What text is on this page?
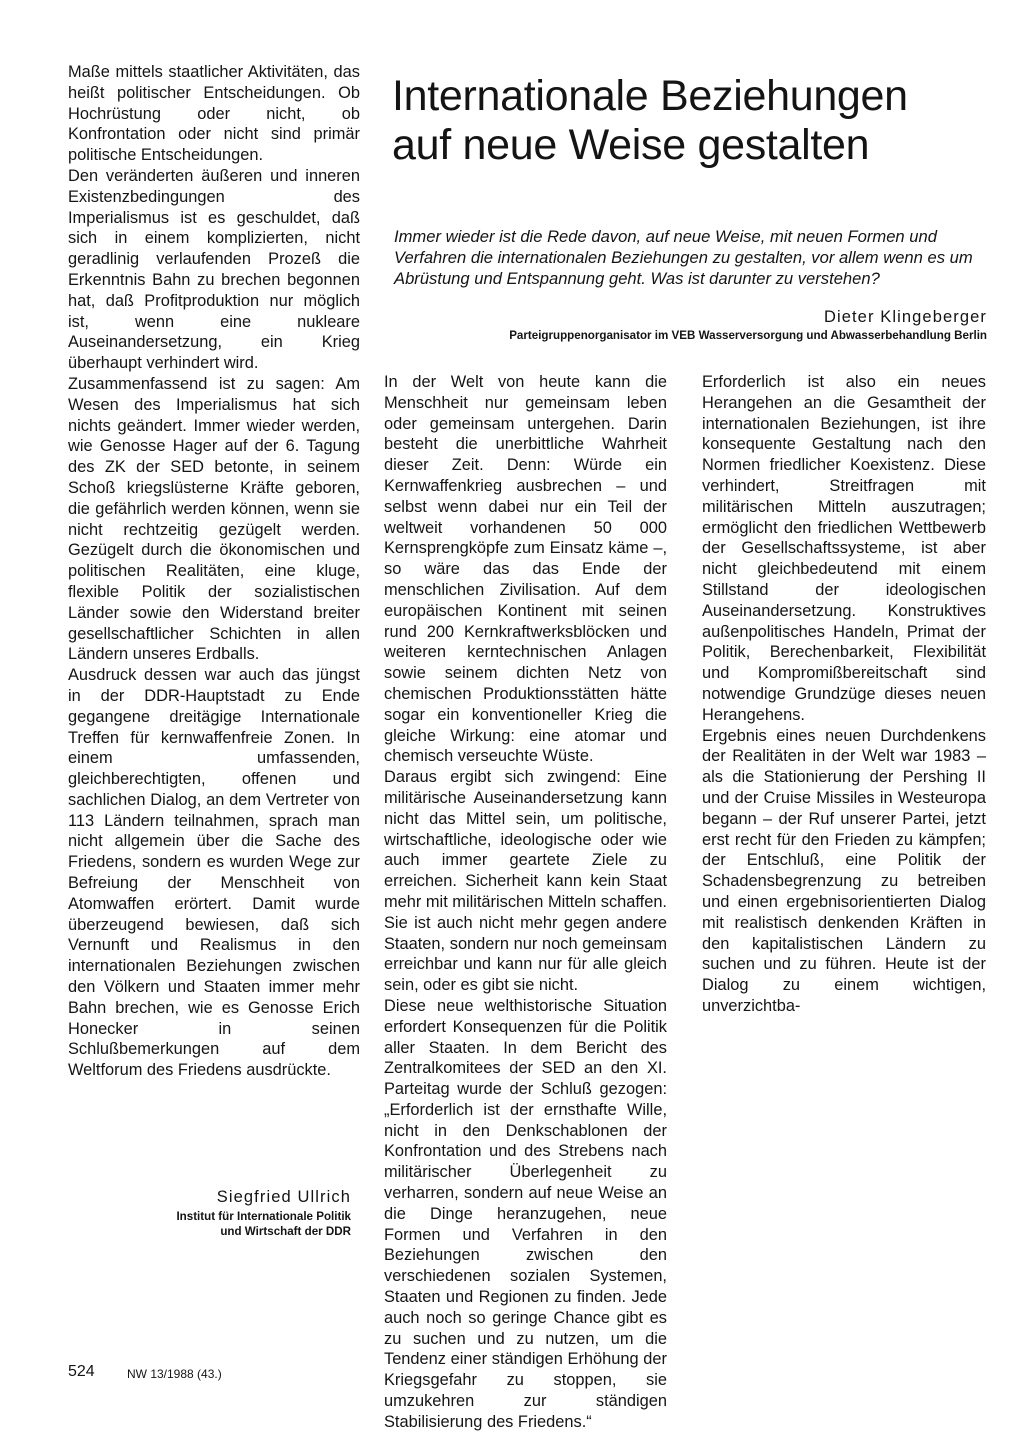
Maße mittels staatlicher Aktivitäten, das heißt politischer Entscheidungen. Ob Hochrüstung oder nicht, ob Konfrontation oder nicht sind primär politische Entscheidungen.

Den veränderten äußeren und inneren Existenzbedingungen des Imperialismus ist es geschuldet, daß sich in einem komplizierten, nicht geradlinig verlaufenden Prozeß die Erkenntnis Bahn zu brechen begonnen hat, daß Profitproduktion nur möglich ist, wenn eine nukleare Auseinandersetzung, ein Krieg überhaupt verhindert wird.

Zusammenfassend ist zu sagen: Am Wesen des Imperialismus hat sich nichts geändert. Immer wieder werden, wie Genosse Hager auf der 6. Tagung des ZK der SED betonte, in seinem Schoß kriegslüsterne Kräfte geboren, die gefährlich werden können, wenn sie nicht rechtzeitig gezügelt werden. Gezügelt durch die ökonomischen und politischen Realitäten, eine kluge, flexible Politik der sozialistischen Länder sowie den Widerstand breiter gesellschaftlicher Schichten in allen Ländern unseres Erdballs.

Ausdruck dessen war auch das jüngst in der DDR-Hauptstadt zu Ende gegangene dreitägige Internationale Treffen für kernwaffenfreie Zonen. In einem umfassenden, gleichberechtigten, offenen und sachlichen Dialog, an dem Vertreter von 113 Ländern teilnahmen, sprach man nicht allgemein über die Sache des Friedens, sondern es wurden Wege zur Befreiung der Menschheit von Atomwaffen erörtert. Damit wurde überzeugend bewiesen, daß sich Vernunft und Realismus in den internationalen Beziehungen zwischen den Völkern und Staaten immer mehr Bahn brechen, wie es Genosse Erich Honecker in seinen Schlußbemerkungen auf dem Weltforum des Friedens ausdrückte.

Siegfried Ullrich

Institut für Internationale Politik
und Wirtschaft der DDR

Internationale Beziehungen
auf neue Weise gestalten

Immer wieder ist die Rede davon, auf neue Weise, mit neuen Formen und Verfahren die internationalen Beziehungen zu gestalten, vor allem wenn es um Abrüstung und Entspannung geht. Was ist darunter zu verstehen?

Dieter Klingeberger

Parteigruppenorganisator im VEB Wasserversorgung und Abwasserbehandlung Berlin

In der Welt von heute kann die Menschheit nur gemeinsam leben oder gemeinsam untergehen. Darin besteht die unerbittliche Wahrheit dieser Zeit. Denn: Würde ein Kernwaffenkrieg ausbrechen – und selbst wenn dabei nur ein Teil der weltweit vorhandenen 50 000 Kernsprengköpfe zum Einsatz käme –, so wäre das das Ende der menschlichen Zivilisation. Auf dem europäischen Kontinent mit seinen rund 200 Kernkraftwerksblöcken und weiteren kerntechnischen Anlagen sowie seinem dichten Netz von chemischen Produktionsstätten hätte sogar ein konventioneller Krieg die gleiche Wirkung: eine atomar und chemisch verseuchte Wüste.

Daraus ergibt sich zwingend: Eine militärische Auseinandersetzung kann nicht das Mittel sein, um politische, wirtschaftliche, ideologische oder wie auch immer geartete Ziele zu erreichen. Sicherheit kann kein Staat mehr mit militärischen Mitteln schaffen. Sie ist auch nicht mehr gegen andere Staaten, sondern nur noch gemeinsam erreichbar und kann nur für alle gleich sein, oder es gibt sie nicht.

Diese neue welthistorische Situation erfordert Konsequenzen für die Politik aller Staaten. In dem Bericht des Zentralkomitees der SED an den XI. Parteitag wurde der Schluß gezogen: „Erforderlich ist der ernsthafte Wille, nicht in den Denkschablonen der Konfrontation und des Strebens nach militärischer Überlegenheit zu verharren, sondern auf neue Weise an die Dinge heranzugehen, neue Formen und Verfahren in den Beziehungen zwischen den verschiedenen sozialen Systemen, Staaten und Regionen zu finden. Jede auch noch so geringe Chance gibt es zu suchen und zu nutzen, um die Tendenz einer ständigen Erhöhung der Kriegsgefahr zu stoppen, sie umzukehren zur ständigen Stabilisierung des Friedens.“

Erforderlich ist also ein neues Herangehen an die Gesamtheit der internationalen Beziehungen, ist ihre konsequente Gestaltung nach den Normen friedlicher Koexistenz. Diese verhindert, Streitfragen mit militärischen Mitteln auszutragen; ermöglicht den friedlichen Wettbewerb der Gesellschaftssysteme, ist aber nicht gleichbedeutend mit einem Stillstand der ideologischen Auseinandersetzung. Konstruktives außenpolitisches Handeln, Primat der Politik, Berechenbarkeit, Flexibilität und Kompromißbereitschaft sind notwendige Grundzüge dieses neuen Herangehens.

Ergebnis eines neuen Durchdenkens der Realitäten in der Welt war 1983 – als die Stationierung der Pershing II und der Cruise Missiles in Westeuropa begann – der Ruf unserer Partei, jetzt erst recht für den Frieden zu kämpfen; der Entschluß, eine Politik der Schadensbegrenzung zu betreiben und einen ergebnisorientierten Dialog mit realistisch denkenden Kräften in den kapitalistischen Ländern zu suchen und zu führen. Heute ist der Dialog zu einem wichtigen, unverzichtba-

524	NW 13/1988 (43.)
